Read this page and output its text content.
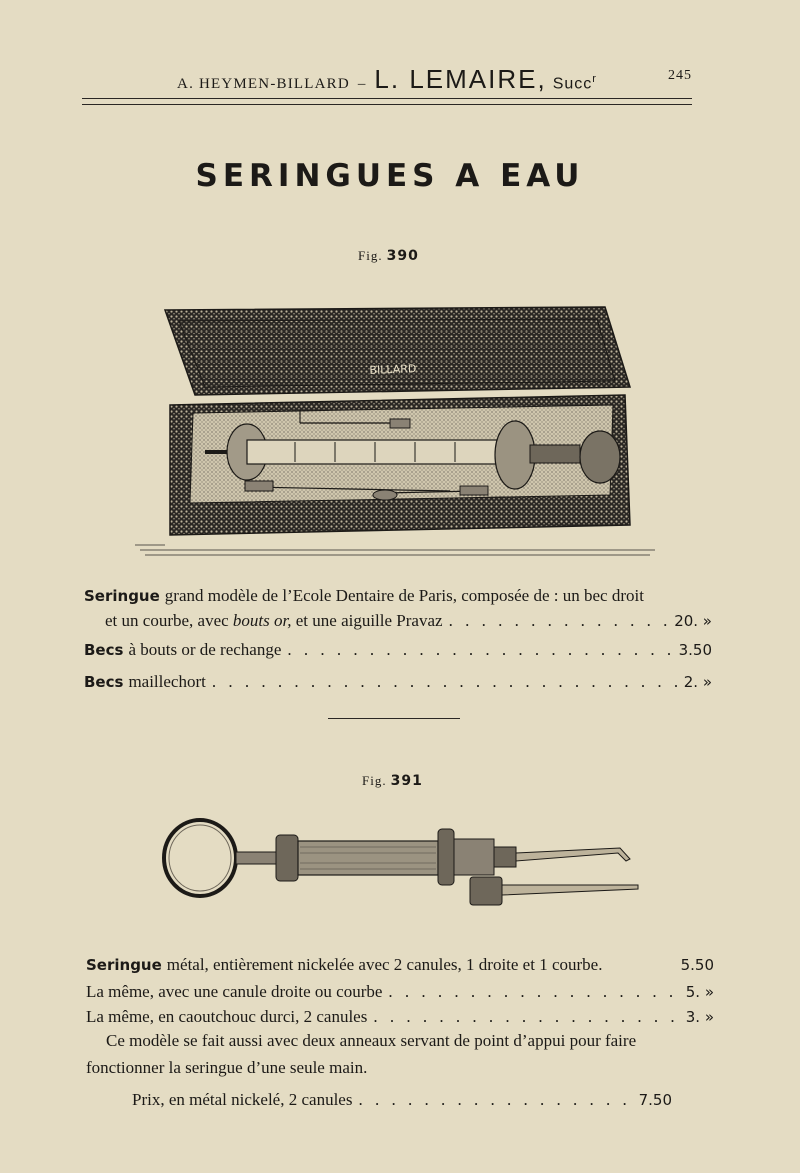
A. HEYMEN-BILLARD – L. LEMAIRE, Succ$^r$	245
SERINGUES A EAU
Fig. 390
BILLARD
Seringue grand modèle de l’Ecole Dentaire de Paris, composée de : un bec droit
et un courbe, avec
bouts or,
et une aiguille Pravaz . . .	20. »
Becs à bouts or de rechange . . .	3.50
Becs maillechort . . .	2. »
Fig. 391
Seringue métal, entièrement nickelée avec 2 canules, 1 droite et 1 courbe.	5.50
La même, avec une canule droite ou courbe . . .	5. »
La même, en caoutchouc durci, 2 canules . . .	3. »
Ce modèle se fait aussi avec deux anneaux servant de point d’appui pour faire
fonctionner la seringue d’une seule main.
Prix, en métal nickelé, 2 canules . . .	7.50
